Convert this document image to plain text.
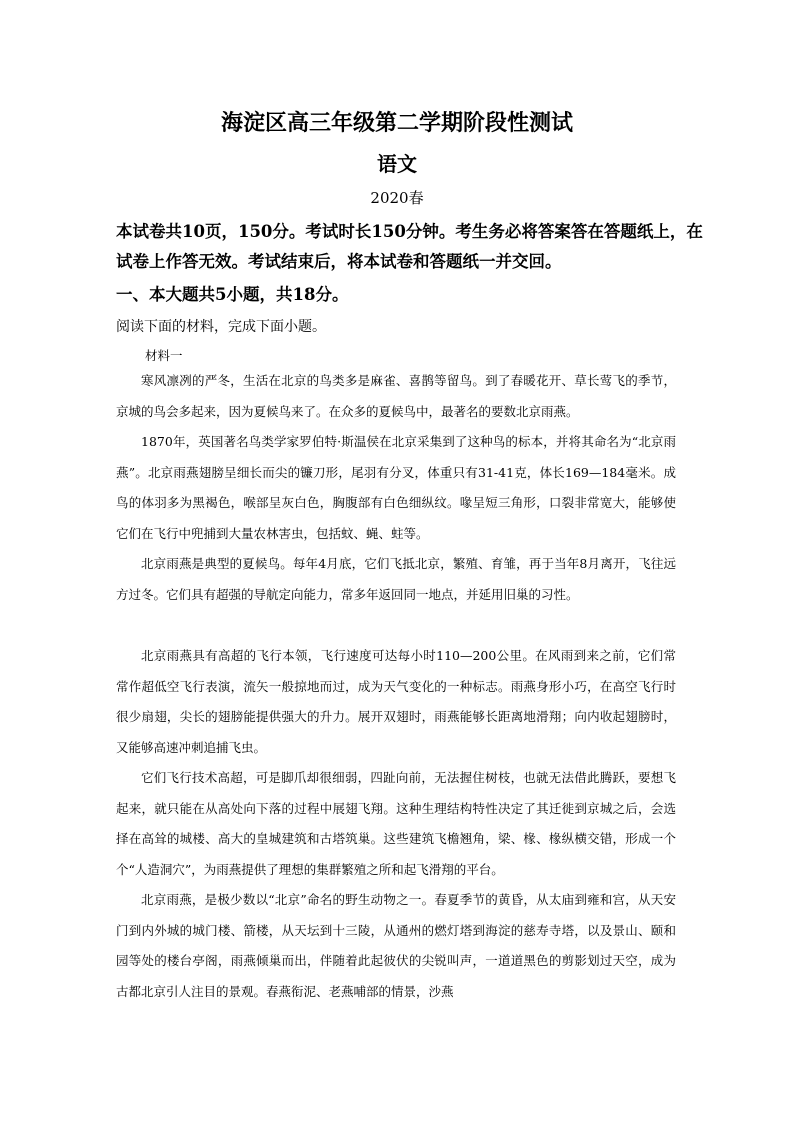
海淀区高三年级第二学期阶段性测试
语文
2020春
本试卷共10页，150分。考试时长150分钟。考生务必将答案答在答题纸上，在
试卷上作答无效。考试结束后，将本试卷和答题纸一并交回。
一、本大题共5小题，共18分。
阅读下面的材料，完成下面小题。
材料一

寒风凛冽的严冬，生活在北京的鸟类多是麻雀、喜鹊等留鸟。到了春暖花开、草长莺飞的季节，京城的鸟会多起来，因为夏候鸟来了。在众多的夏候鸟中，最著名的要数北京雨燕。

1870年，英国著名鸟类学家罗伯特·斯温侯在北京采集到了这种鸟的标本，并将其命名为“北京雨燕”。北京雨燕翅膀呈细长而尖的镰刀形，尾羽有分叉，体重只有31-41克，体长169—184毫米。成鸟的体羽多为黑褐色，喉部呈灰白色，胸腹部有白色细纵纹。喙呈短三角形，口裂非常宽大，能够使它们在飞行中兜捕到大量农林害虫，包括蚊、蝇、蛀等。

北京雨燕是典型的夏候鸟。每年4月底，它们飞抵北京，繁殖、育雏，再于当年8月离开，飞往远方过冬。它们具有超强的导航定向能力，常多年返回同一地点，并延用旧巢的习性。

北京雨燕具有高超的飞行本领，飞行速度可达每小时110—200公里。在风雨到来之前，它们常常作超低空飞行表演，流矢一般掠地而过，成为天气变化的一种标志。雨燕身形小巧，在高空飞行时很少扇翅，尖长的翅膀能提供强大的升力。展开双翅时，雨燕能够长距离地滑翔；向内收起翅膀时，又能够高速冲刺追捕飞虫。

它们飞行技术高超，可是脚爪却很细弱，四趾向前，无法握住树枝，也就无法借此腾跃，要想飞起来，就只能在从高处向下落的过程中展翅飞翔。这种生理结构特性决定了其迁徙到京城之后，会选择在高耸的城楼、高大的皇城建筑和古塔筑巢。这些建筑飞檐翘角，梁、椽、椽纵横交错，形成一个个“人造洞穴”，为雨燕提供了理想的集群繁殖之所和起飞滑翔的平台。

北京雨燕，是极少数以“北京”命名的野生动物之一。春夏季节的黄昏，从太庙到雍和宫，从天安门到内外城的城门楼、箭楼，从天坛到十三陵，从通州的燃灯塔到海淀的慈寿寺塔，以及景山、颐和园等处的楼台亭阁，雨燕倾巢而出，伴随着此起彼伏的尖锐叫声，一道道黑色的剪影划过天空，成为古都北京引人注目的景观。春燕衔泥、老燕哺部的情景，沙燕
